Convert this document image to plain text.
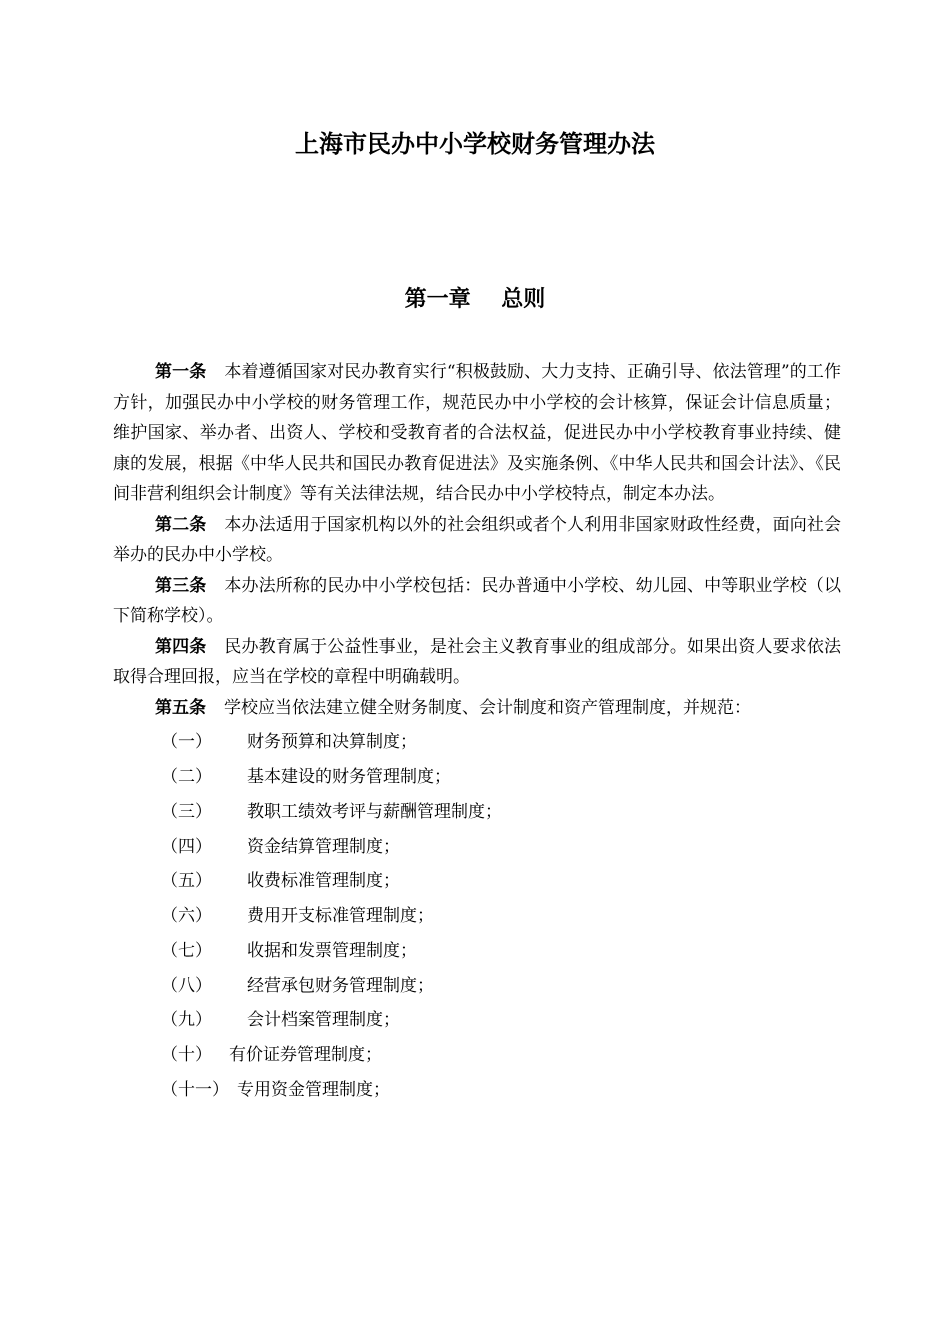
上海市民办中小学校财务管理办法
第一章    总则

第一条 本着遵循国家对民办教育实行“积极鼓励、大力支持、正确引导、依法管理”的工作方针，加强民办中小学校的财务管理工作，规范民办中小学校的会计核算，保证会计信息质量；维护国家、举办者、出资人、学校和受教育者的合法权益，促进民办中小学校教育事业持续、健康的发展，根据《中华人民共和国民办教育促进法》及实施条例、《中华人民共和国会计法》、《民间非营利组织会计制度》等有关法律法规，结合民办中小学校特点，制定本办法。

第二条 本办法适用于国家机构以外的社会组织或者个人利用非国家财政性经费，面向社会举办的民办中小学校。

第三条 本办法所称的民办中小学校包括：民办普通中小学校、幼儿园、中等职业学校（以下简称学校）。

第四条 民办教育属于公益性事业，是社会主义教育事业的组成部分。如果出资人要求依法取得合理回报，应当在学校的章程中明确载明。

第五条 学校应当依法建立健全财务制度、会计制度和资产管理制度，并规范：

（一） 财务预算和决算制度；
（二） 基本建设的财务管理制度；
（三） 教职工绩效考评与薪酬管理制度；
（四） 资金结算管理制度；
（五） 收费标准管理制度；
（六） 费用开支标准管理制度；
（七） 收据和发票管理制度；
（八） 经营承包财务管理制度；
（九） 会计档案管理制度；
（十） 有价证券管理制度；
（十一） 专用资金管理制度；
